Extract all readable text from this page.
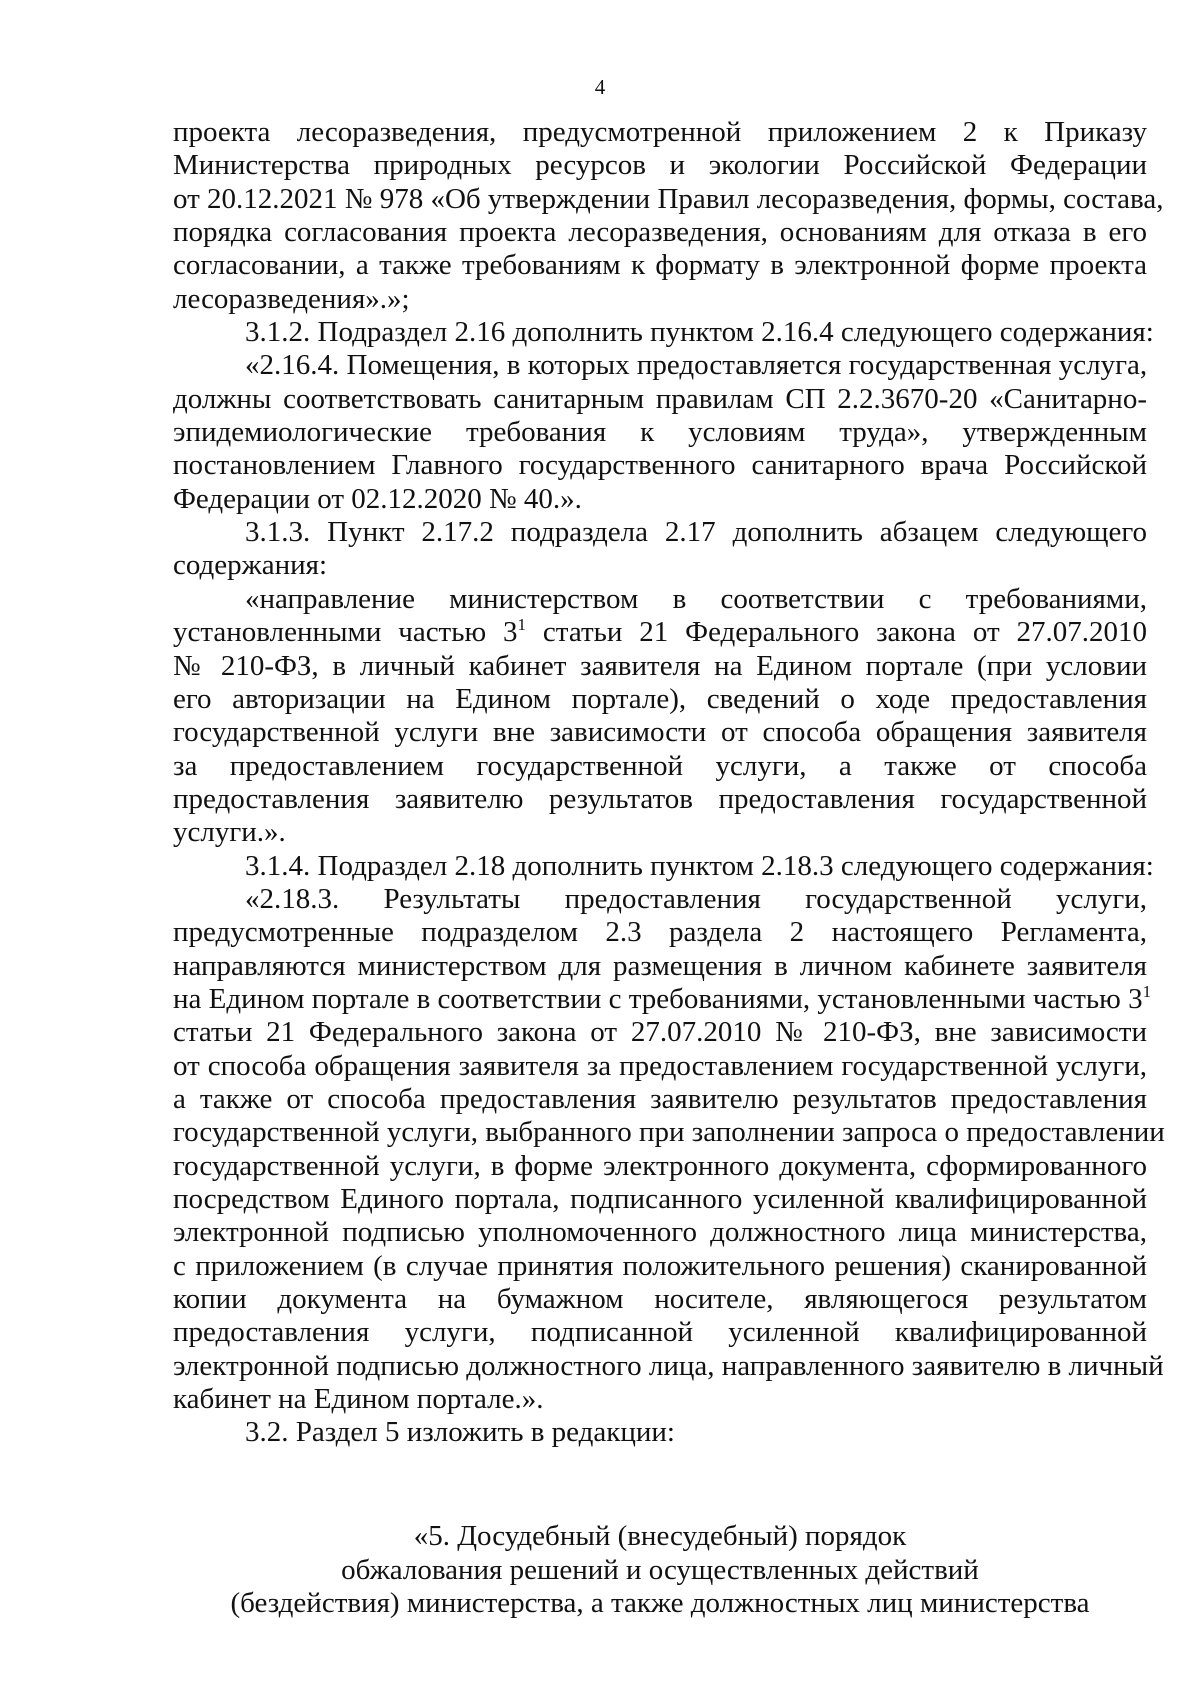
4
проекта лесоразведения, предусмотренной приложением 2 к Приказу
Министерства природных ресурсов и экологии Российской Федерации
от 20.12.2021 № 978 «Об утверждении Правил лесоразведения, формы, состава,
порядка согласования проекта лесоразведения, основаниям для отказа в его
согласовании, а также требованиям к формату в электронной форме проекта
лесоразведения».»;
3.1.2. Подраздел 2.16 дополнить пунктом 2.16.4 следующего содержания:
«2.16.4. Помещения, в которых предоставляется государственная услуга,
должны соответствовать санитарным правилам СП 2.2.3670-20 «Санитарно-
эпидемиологические требования к условиям труда», утвержденным
постановлением Главного государственного санитарного врача Российской
Федерации от 02.12.2020 № 40.».
3.1.3. Пункт 2.17.2 подраздела 2.17 дополнить абзацем следующего
содержания:
«направление министерством в соответствии с требованиями,
установленными частью $3^1$ статьи 21 Федерального закона от 27.07.2010
№ 210-ФЗ, в личный кабинет заявителя на Едином портале (при условии
его авторизации на Едином портале), сведений о ходе предоставления
государственной услуги вне зависимости от способа обращения заявителя
за предоставлением государственной услуги, а также от способа
предоставления заявителю результатов предоставления государственной
услуги.».
3.1.4. Подраздел 2.18 дополнить пунктом 2.18.3 следующего содержания:
«2.18.3. Результаты предоставления государственной услуги,
предусмотренные подразделом 2.3 раздела 2 настоящего Регламента,
направляются министерством для размещения в личном кабинете заявителя
на Едином портале в соответствии с требованиями, установленными частью $3^1$
статьи 21 Федерального закона от 27.07.2010 № 210-ФЗ, вне зависимости
от способа обращения заявителя за предоставлением государственной услуги,
а также от способа предоставления заявителю результатов предоставления
государственной услуги, выбранного при заполнении запроса о предоставлении
государственной услуги, в форме электронного документа, сформированного
посредством Единого портала, подписанного усиленной квалифицированной
электронной подписью уполномоченного должностного лица министерства,
с приложением (в случае принятия положительного решения) сканированной
копии документа на бумажном носителе, являющегося результатом
предоставления услуги, подписанной усиленной квалифицированной
электронной подписью должностного лица, направленного заявителю в личный
кабинет на Едином портале.».
3.2. Раздел 5 изложить в редакции:
«5. Досудебный (внесудебный) порядок
обжалования решений и осуществленных действий
(бездействия) министерства, а также должностных лиц министерства
